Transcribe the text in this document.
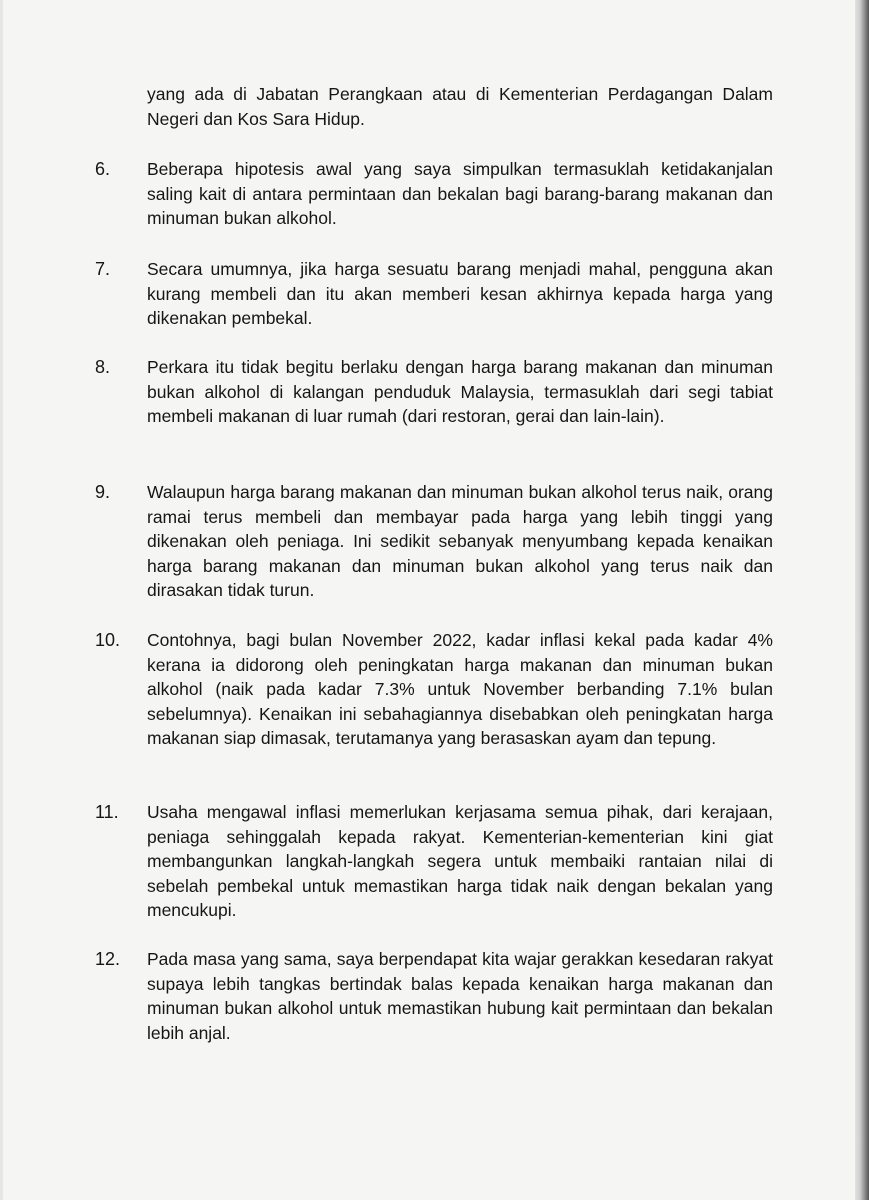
yang ada di Jabatan Perangkaan atau di Kementerian Perdagangan Dalam Negeri dan Kos Sara Hidup.

6. Beberapa hipotesis awal yang saya simpulkan termasuklah ketidakanjalan saling kait di antara permintaan dan bekalan bagi barang-barang makanan dan minuman bukan alkohol.

7. Secara umumnya, jika harga sesuatu barang menjadi mahal, pengguna akan kurang membeli dan itu akan memberi kesan akhirnya kepada harga yang dikenakan pembekal.

8. Perkara itu tidak begitu berlaku dengan harga barang makanan dan minuman bukan alkohol di kalangan penduduk Malaysia, termasuklah dari segi tabiat membeli makanan di luar rumah (dari restoran, gerai dan lain-lain).

9. Walaupun harga barang makanan dan minuman bukan alkohol terus naik, orang ramai terus membeli dan membayar pada harga yang lebih tinggi yang dikenakan oleh peniaga. Ini sedikit sebanyak menyumbang kepada kenaikan harga barang makanan dan minuman bukan alkohol yang terus naik dan dirasakan tidak turun.

10. Contohnya, bagi bulan November 2022, kadar inflasi kekal pada kadar 4% kerana ia didorong oleh peningkatan harga makanan dan minuman bukan alkohol (naik pada kadar 7.3% untuk November berbanding 7.1% bulan sebelumnya). Kenaikan ini sebahagiannya disebabkan oleh peningkatan harga makanan siap dimasak, terutamanya yang berasaskan ayam dan tepung.

11. Usaha mengawal inflasi memerlukan kerjasama semua pihak, dari kerajaan, peniaga sehinggalah kepada rakyat. Kementerian-kementerian kini giat membangunkan langkah-langkah segera untuk membaiki rantaian nilai di sebelah pembekal untuk memastikan harga tidak naik dengan bekalan yang mencukupi.

12. Pada masa yang sama, saya berpendapat kita wajar gerakkan kesedaran rakyat supaya lebih tangkas bertindak balas kepada kenaikan harga makanan dan minuman bukan alkohol untuk memastikan hubung kait permintaan dan bekalan lebih anjal.
